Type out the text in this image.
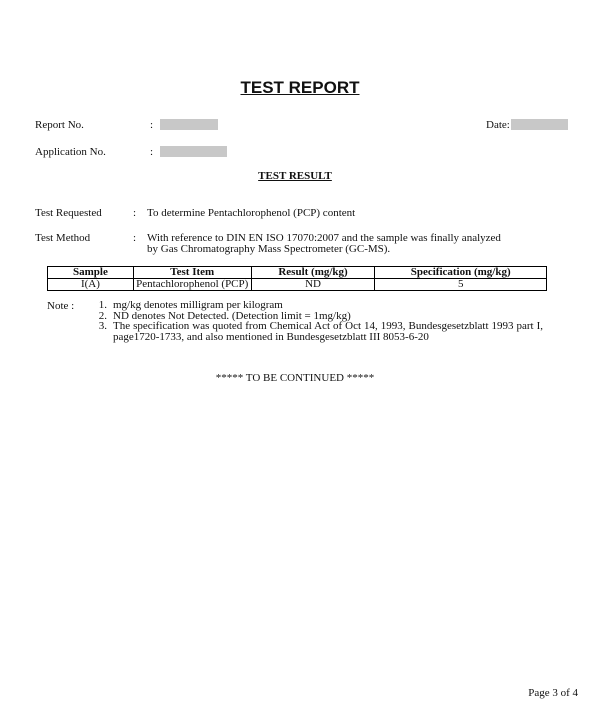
TEST REPORT
Report No.	:	Date:
Application No.	:
TEST RESULT
Test Requested	: To determine Pentachlorophenol (PCP) content
Test Method	: With reference to DIN EN ISO 17070:2007 and the sample was finally analyzed
by Gas Chromatography Mass Spectrometer (GC-MS).
Sample	Test Item	Result (mg/kg)	Specification (mg/kg)
I(A)	Pentachlorophenol (PCP)	ND	5
Note :	1. mg/kg denotes milligram per kilogram
2. ND denotes Not Detected. (Detection limit = 1mg/kg)
3. The specification was quoted from Chemical Act of Oct 14, 1993, Bundesgesetzblatt 1993 part I, page1720-1733, and also mentioned in Bundesgesetzblatt III 8053-6-20
***** TO BE CONTINUED *****
Page 3 of 4
